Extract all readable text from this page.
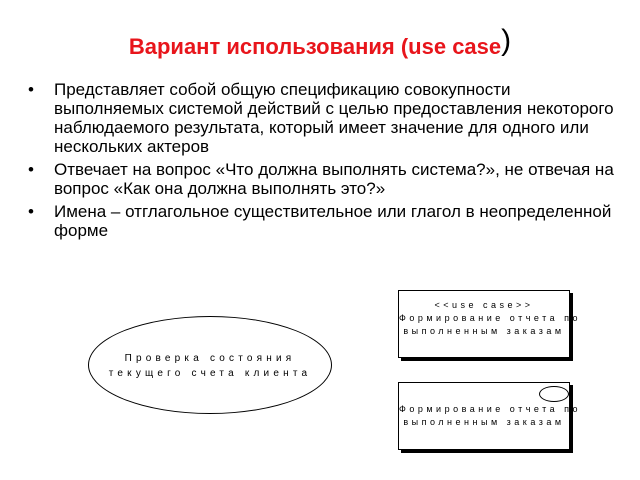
Вариант использования (use case)
• Представляет собой общую спецификацию совокупности выполняемых системой действий с целью предоставления некоторого наблюдаемого результата, который имеет значение для одного или нескольких актеров
• Отвечает на вопрос «Что должна выполнять система?», не отвечая на вопрос «Как она должна выполнять это?»
• Имена – отглагольное существительное или глагол в неопределенной форме
Проверка состояния
текущего счета клиента
<<use case>>
Формирование отчета по
выполненным заказам
Формирование отчета по
выполненным заказам
